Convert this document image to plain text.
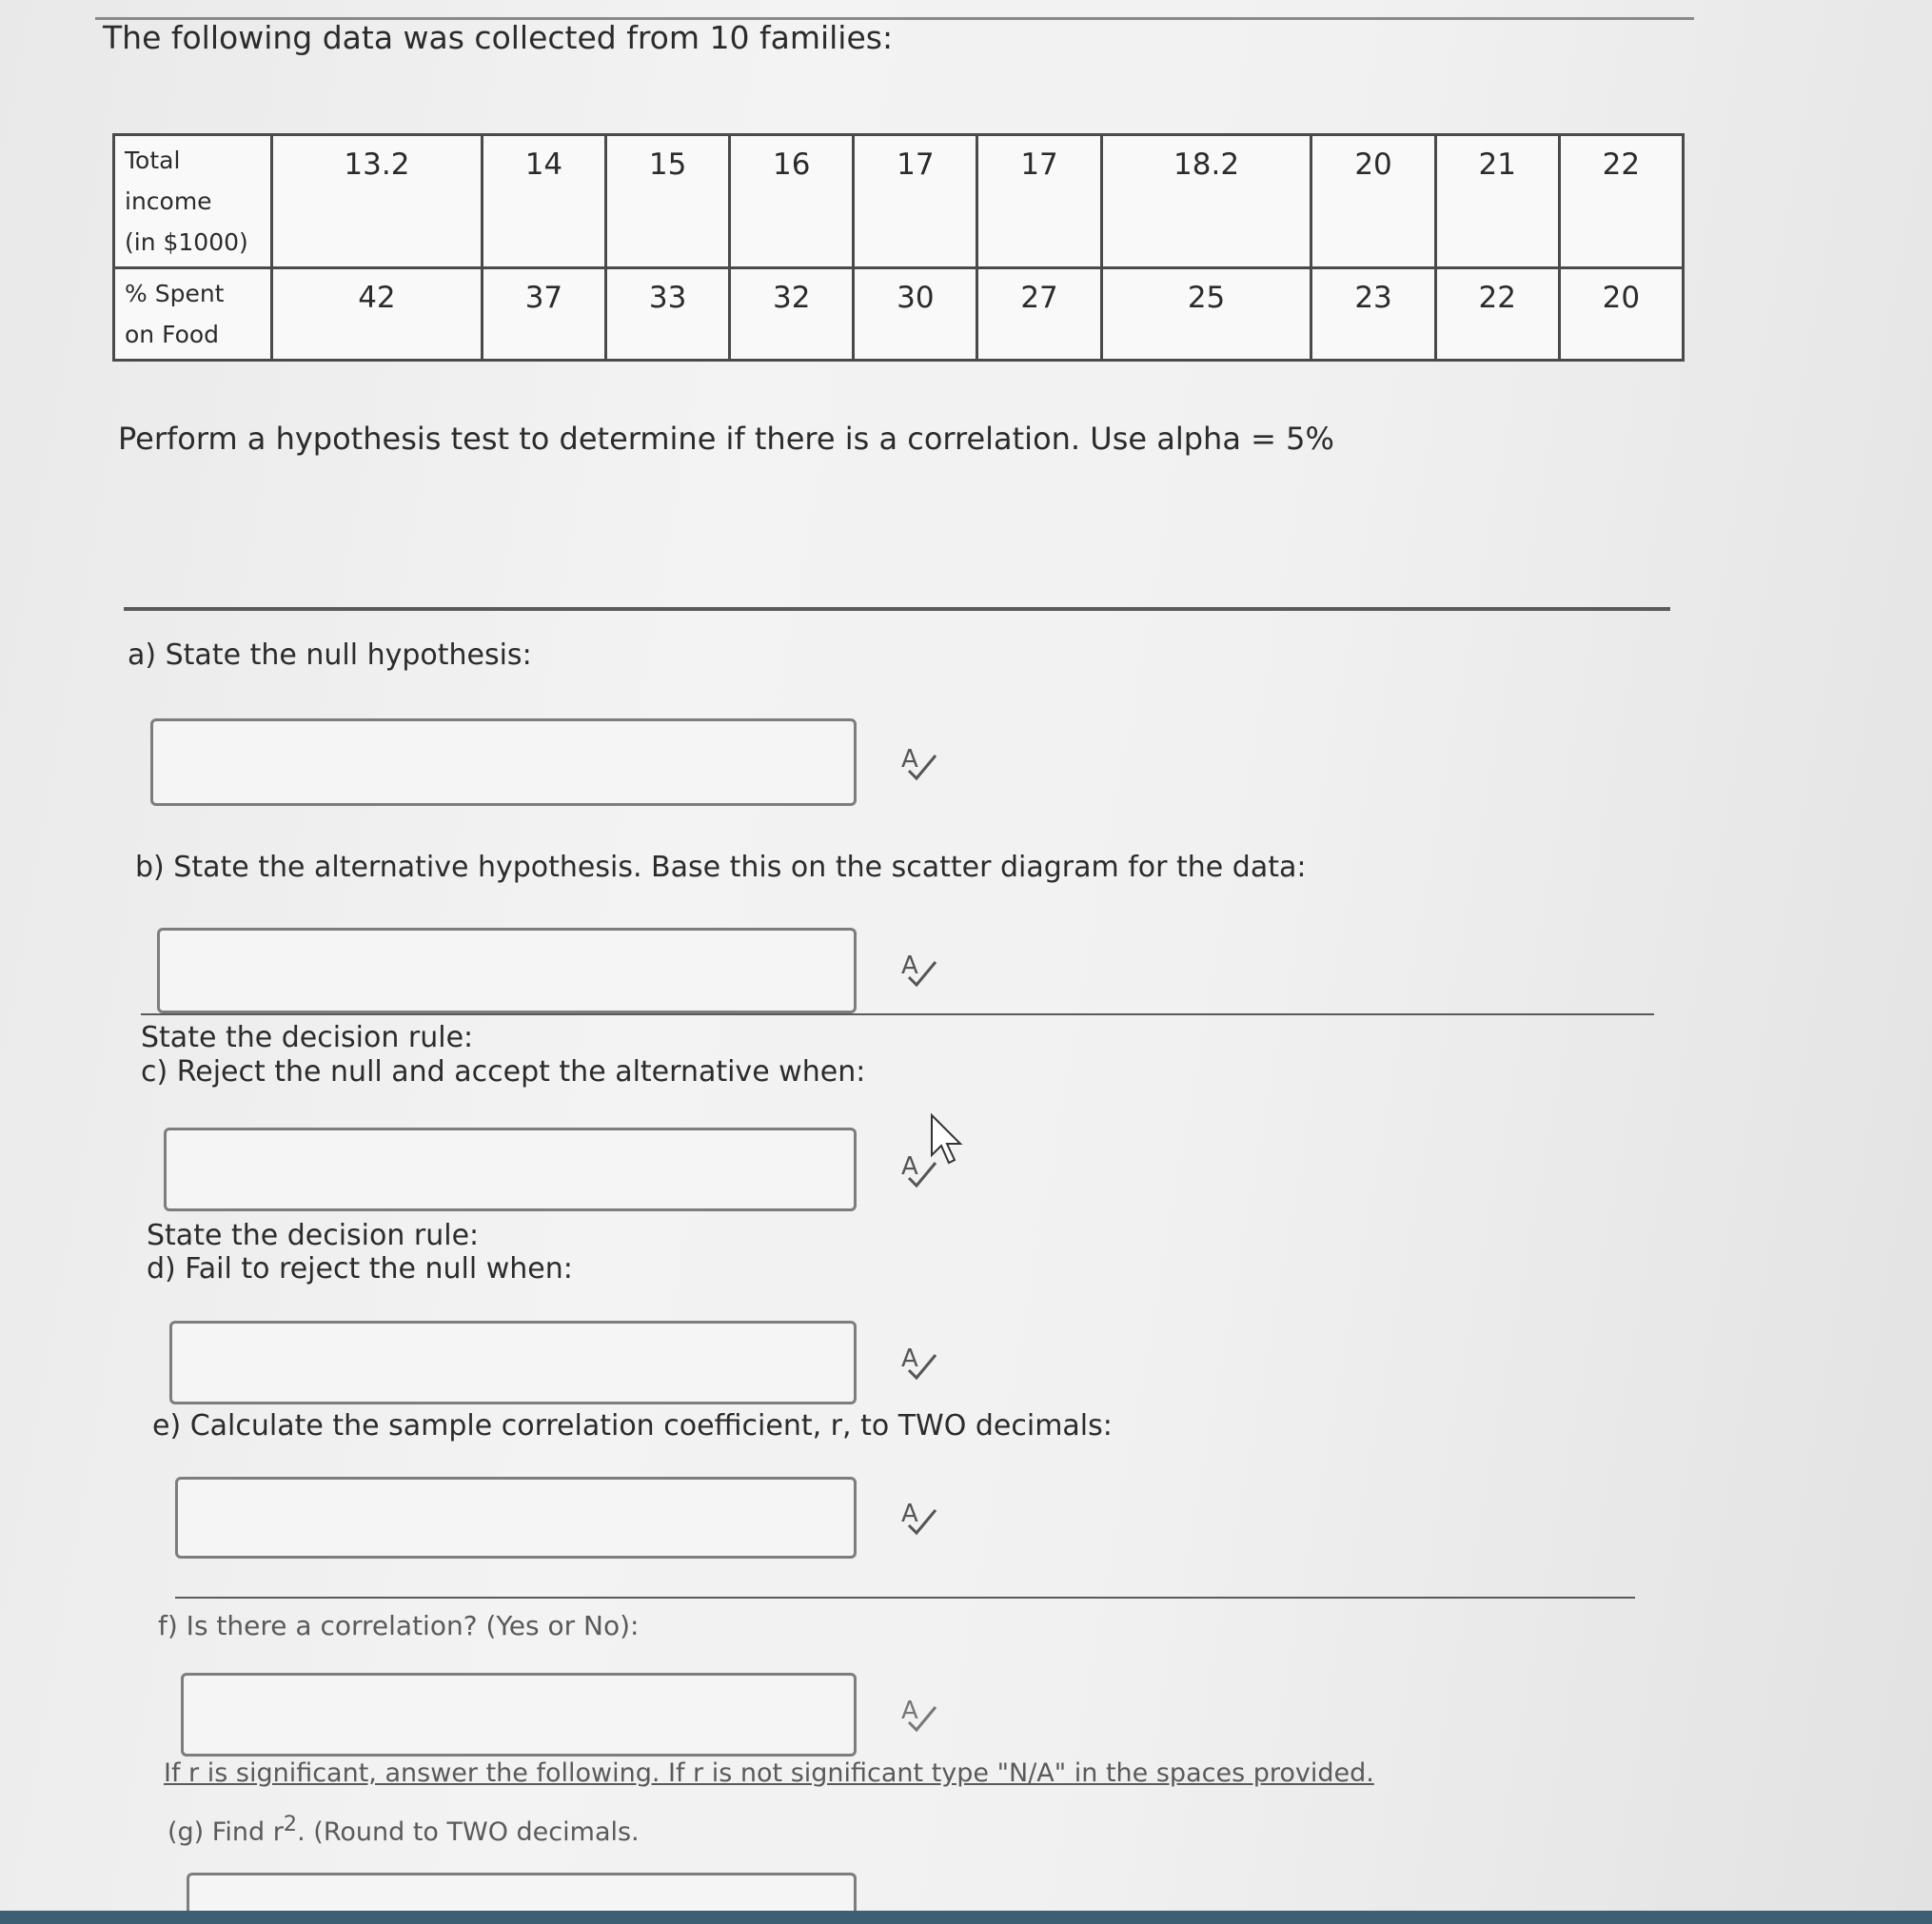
The following data was collected from 10 families:
Total
income
(in $1000)	13.2	14	15	16	17	17	18.2	20	21	22

% Spent
on Food	42	37	33	32	30	27	25	23	22	20
Perform a hypothesis test to determine if there is a correlation. Use alpha = 5%
a) State the null hypothesis:
A
b) State the alternative hypothesis. Base this on the scatter diagram for the data:
A
State the decision rule:
c) Reject the null and accept the alternative when:
A
State the decision rule:
d) Fail to reject the null when:
A
e) Calculate the sample correlation coefficient, r, to TWO decimals:
A
f) Is there a correlation? (Yes or No):
A
If r is significant, answer the following. If r is not significant type "N/A" in the spaces provided.
(g) Find $r^2$. (Round to TWO decimals.
